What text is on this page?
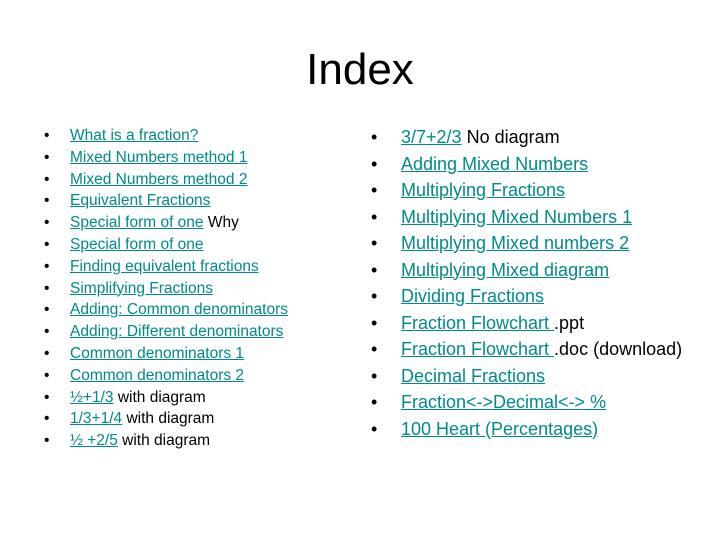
Index
• What is a fraction?
• Mixed Numbers method 1
• Mixed Numbers method 2
• Equivalent Fractions
• Special form of one Why
• Special form of one
• Finding equivalent fractions
• Simplifying Fractions
• Adding: Common denominators
• Adding: Different denominators
• Common denominators 1
• Common denominators 2
• ½+1/3 with diagram
• 1/3+1/4 with diagram
• ½ +2/5 with diagram
• 3/7+2/3 No diagram
• Adding Mixed Numbers
• Multiplying Fractions
• Multiplying Mixed Numbers 1
• Multiplying Mixed numbers 2
• Multiplying Mixed diagram
• Dividing Fractions
• Fraction Flowchart .ppt
• Fraction Flowchart .doc (download)
• Decimal Fractions
• Fraction<->Decimal<-> %
• 100 Heart (Percentages)
